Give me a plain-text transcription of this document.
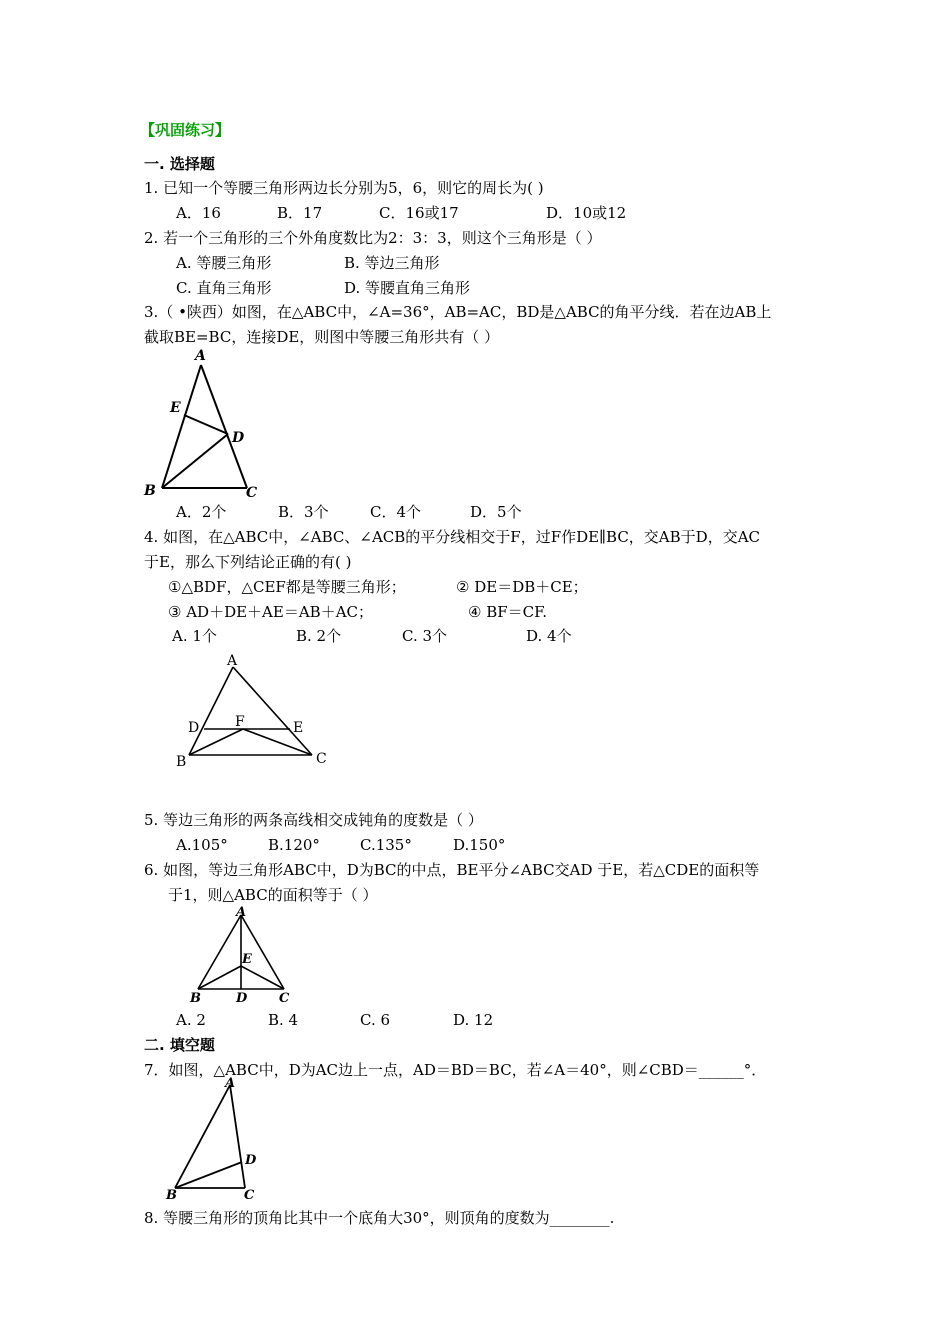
【巩固练习】
一. 选择题
1. 已知一个等腰三角形两边长分别为5，6，则它的周长为( )
A．16	B．17	C．16或17	D．10或12
2. 若一个三角形的三个外角度数比为2：3：3，则这个三角形是（ ）
A. 等腰三角形	B. 等边三角形
C. 直角三角形	D. 等腰直角三角形
3.（ •陕西）如图，在△ABC中，∠A=36°，AB=AC，BD是△ABC的角平分线．若在边AB上
截取BE=BC，连接DE，则图中等腰三角形共有（ ）
A
E
D
B	C
A．2个	B．3个	C．4个	D．5个
4. 如图，在△ABC中，∠ABC、∠ACB的平分线相交于F，过F作DE∥BC，交AB于D，交AC
于E，那么下列结论正确的有( )
①△BDF，△CEF都是等腰三角形；	② DE＝DB＋CE；
③ AD＋DE＋AE＝AB＋AC；	④ BF＝CF.
A. 1个	B. 2个	C. 3个	D. 4个
A
D	F	E
B	C
5. 等边三角形的两条高线相交成钝角的度数是（ ）
A.105°	B.120°	C.135°	D.150°
6. 如图，等边三角形ABC中，D为BC的中点，BE平分∠ABC交AD 于E，若△CDE的面积等
于1，则△ABC的面积等于（ ）
A
E
B	D C
A. 2	B. 4	C. 6	D. 12
二. 填空题
7．如图，△ABC中，D为AC边上一点，AD＝BD＝BC，若∠A＝40°，则∠CBD＝______°．
A
D
B	C
8. 等腰三角形的顶角比其中一个底角大30°，则顶角的度数为________.
